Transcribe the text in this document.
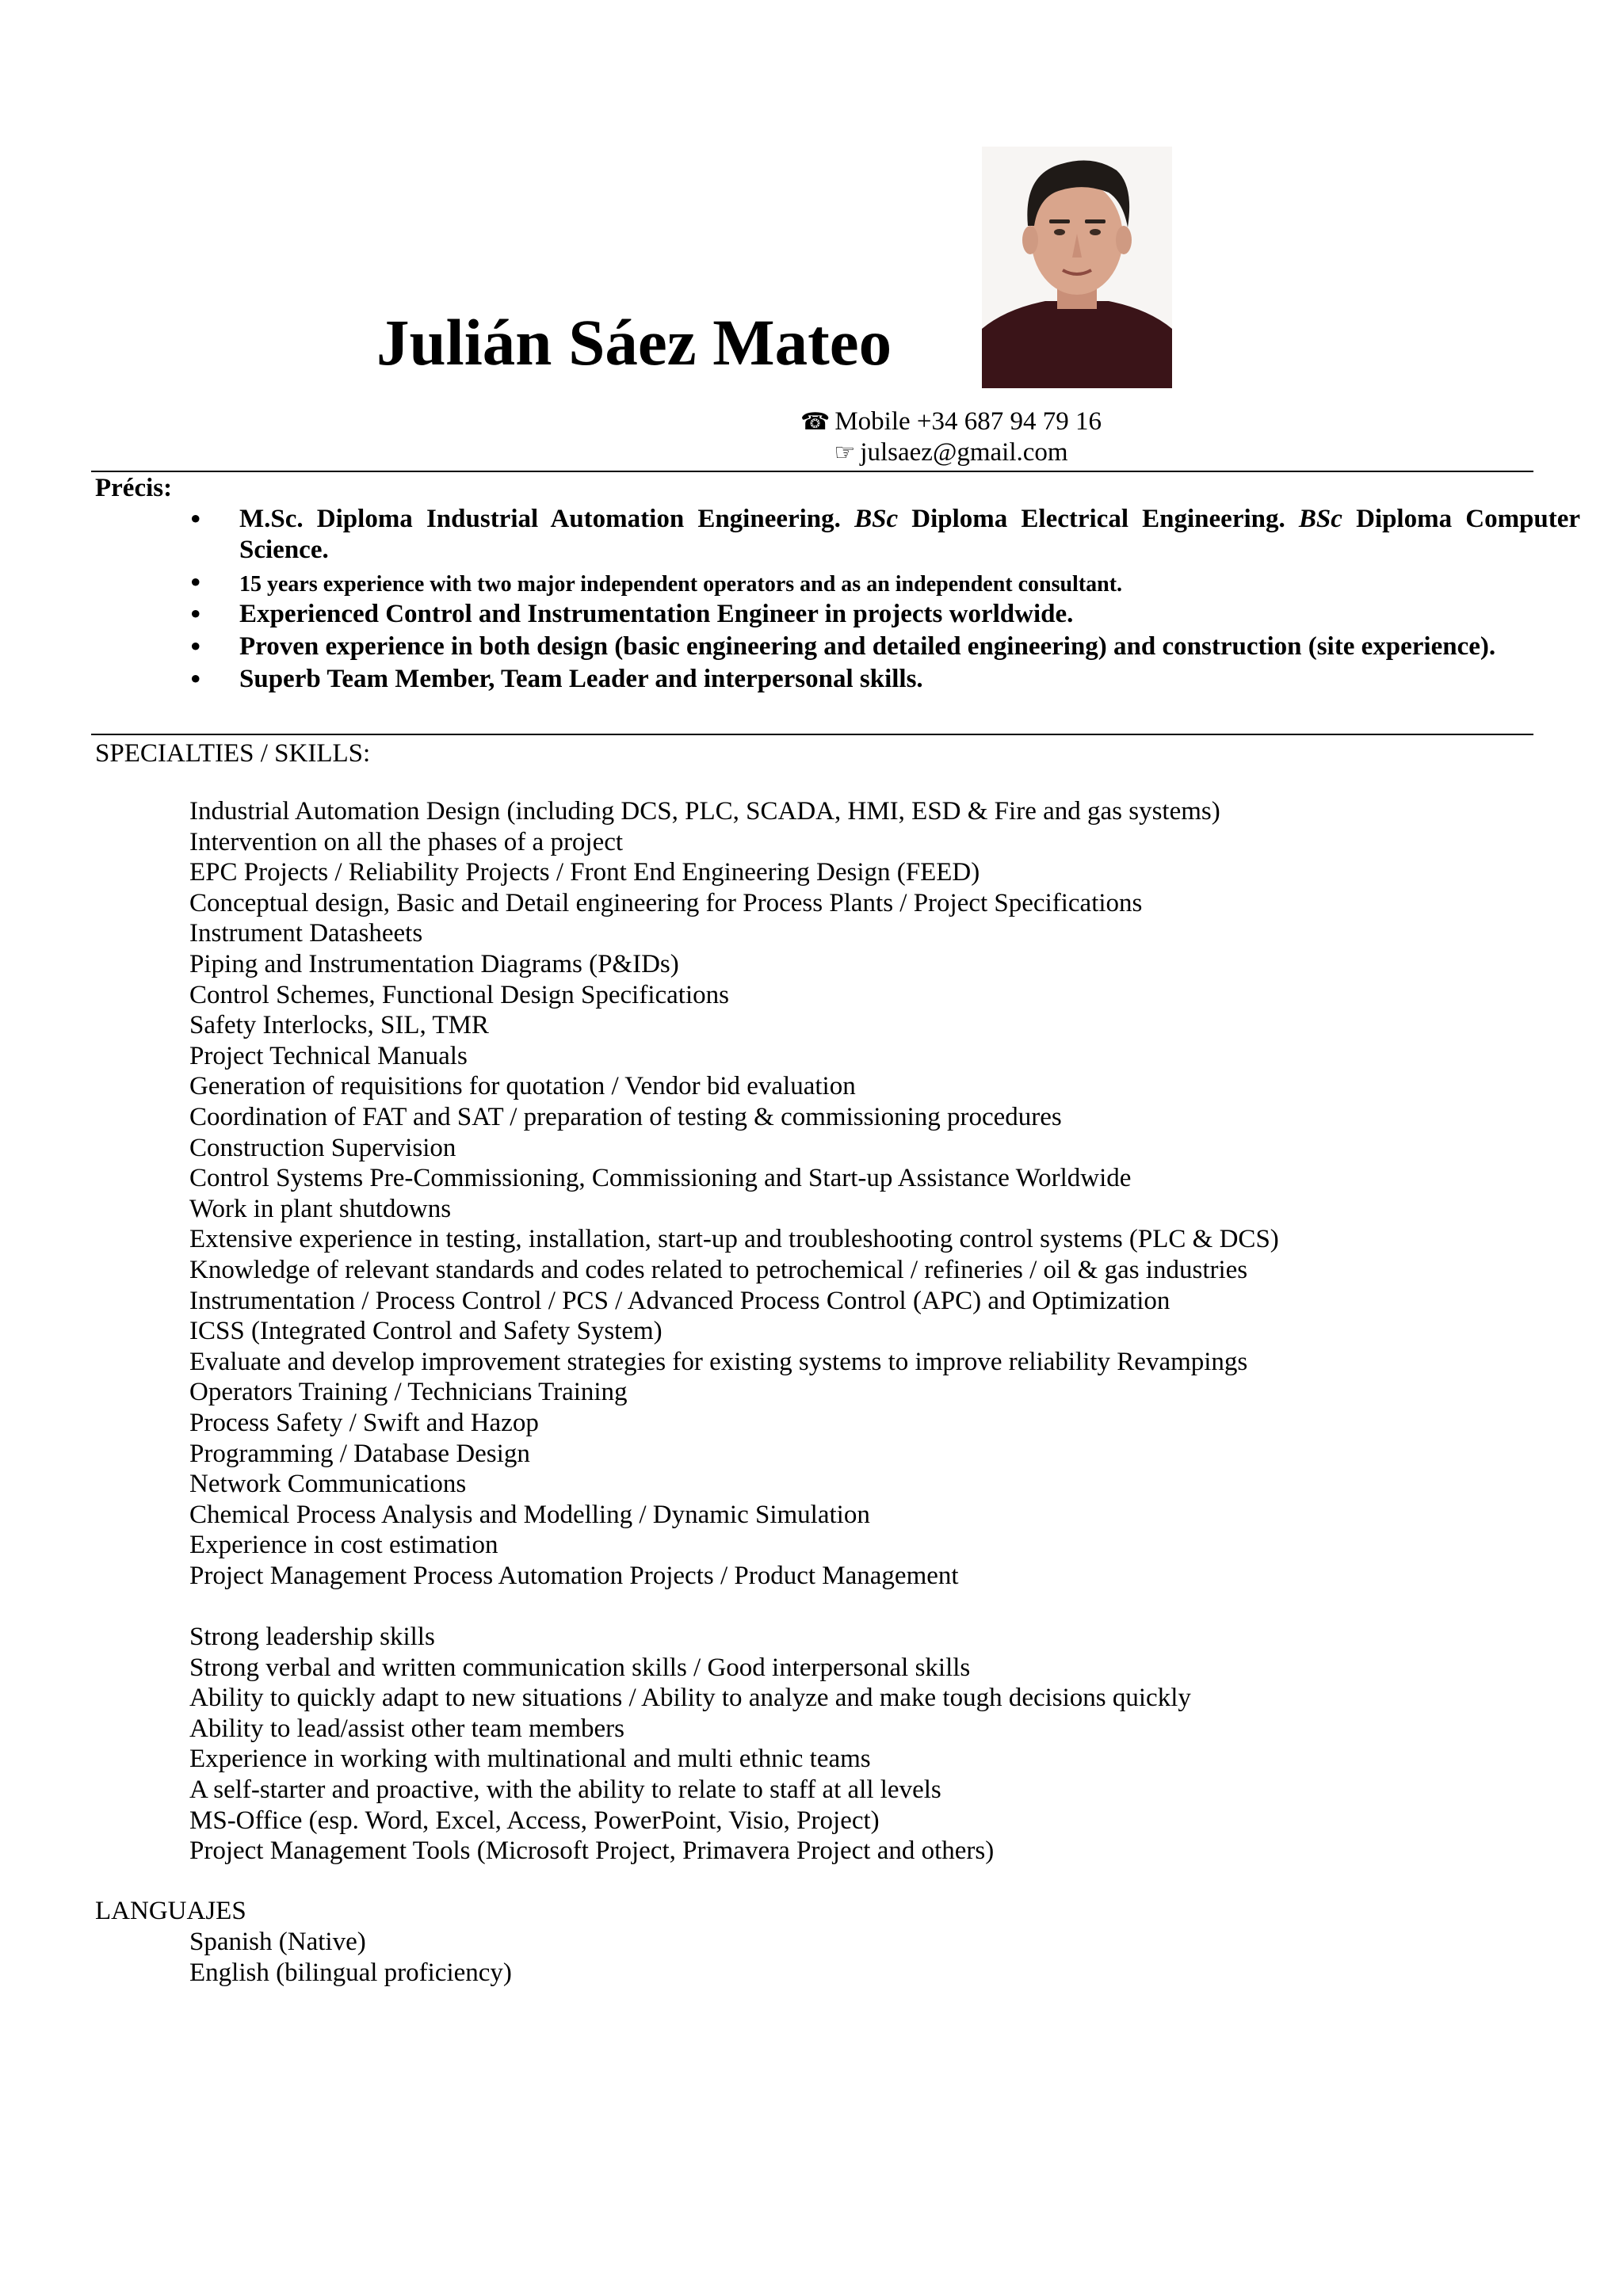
Julián Sáez Mateo
☎ Mobile +34 687 94 79 16
☞ julsaez@gmail.com
Précis:
• M.Sc. Diploma Industrial Automation Engineering. BSc Diploma Electrical Engineering. BSc Diploma Computer
Science.
• 15 years experience with two major independent operators and as an independent consultant.
• Experienced Control and Instrumentation Engineer in projects worldwide.
• Proven experience in both design (basic engineering and detailed engineering) and construction (site experience).
• Superb Team Member, Team Leader and interpersonal skills.
SPECIALTIES / SKILLS:
Industrial Automation Design (including DCS, PLC, SCADA, HMI, ESD & Fire and gas systems)
Intervention on all the phases of a project
EPC Projects / Reliability Projects / Front End Engineering Design (FEED)
Conceptual design, Basic and Detail engineering for Process Plants / Project Specifications
Instrument Datasheets
Piping and Instrumentation Diagrams (P&IDs)
Control Schemes, Functional Design Specifications
Safety Interlocks, SIL, TMR
Project Technical Manuals
Generation of requisitions for quotation / Vendor bid evaluation
Coordination of FAT and SAT / preparation of testing & commissioning procedures
Construction Supervision
Control Systems Pre-Commissioning, Commissioning and Start-up Assistance Worldwide
Work in plant shutdowns
Extensive experience in testing, installation, start-up and troubleshooting control systems (PLC & DCS)
Knowledge of relevant standards and codes related to petrochemical / refineries / oil & gas industries
Instrumentation / Process Control / PCS / Advanced Process Control (APC) and Optimization
ICSS (Integrated Control and Safety System)
Evaluate and develop improvement strategies for existing systems to improve reliability Revampings
Operators Training / Technicians Training
Process Safety / Swift and Hazop
Programming / Database Design
Network Communications
Chemical Process Analysis and Modelling / Dynamic Simulation
Experience in cost estimation
Project Management Process Automation Projects / Product Management
Strong leadership skills
Strong verbal and written communication skills / Good interpersonal skills
Ability to quickly adapt to new situations / Ability to analyze and make tough decisions quickly
Ability to lead/assist other team members
Experience in working with multinational and multi ethnic teams
A self-starter and proactive, with the ability to relate to staff at all levels
MS-Office (esp. Word, Excel, Access, PowerPoint, Visio, Project)
Project Management Tools (Microsoft Project, Primavera Project and others)
LANGUAJES
Spanish (Native)
English (bilingual proficiency)
